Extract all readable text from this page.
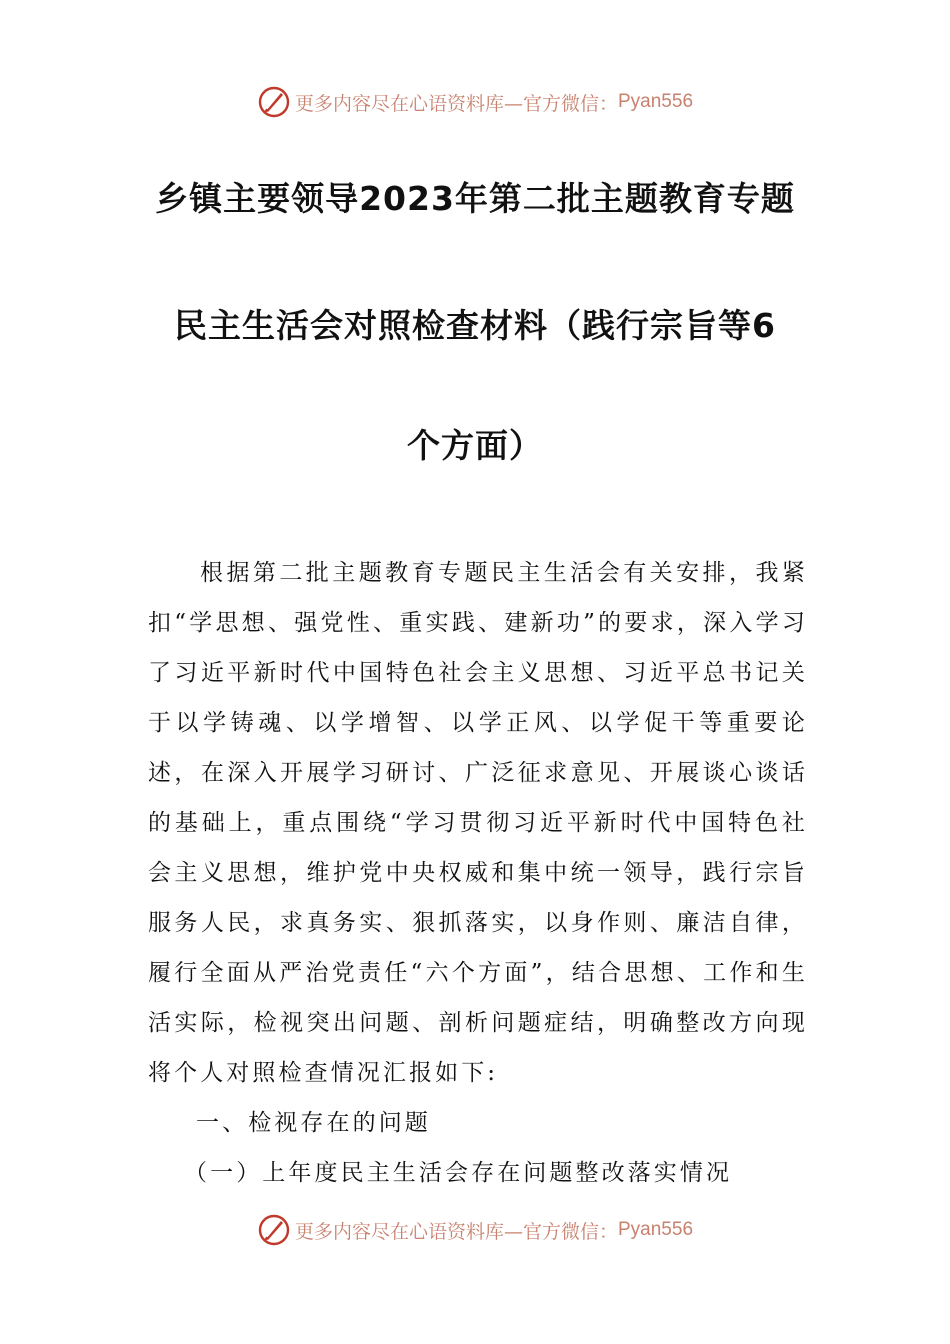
更多内容尽在心语资料库—官方微信： Pyan556
乡镇主要领导2023年第二批主题教育专题
民主生活会对照检查材料（践行宗旨等6
个方面）

根据第二批主题教育专题民主生活会有关安排，我紧扣“学思想、强党性、重实践、建新功”的要求，深入学习了习近平新时代中国特色社会主义思想、习近平总书记关于以学铸魂、以学增智、以学正风、以学促干等重要论述，在深入开展学习研讨、广泛征求意见、开展谈心谈话的基础上，重点围绕“学习贯彻习近平新时代中国特色社会主义思想，维护党中央权威和集中统一领导，践行宗旨服务人民，求真务实、狠抓落实，以身作则、廉洁自律，履行全面从严治党责任“六个方面”，结合思想、工作和生活实际，检视突出问题、剖析问题症结，明确整改方向现将个人对照检查情况汇报如下:

一、检视存在的问题

（一）上年度民主生活会存在问题整改落实情况

更多内容尽在心语资料库—官方微信： Pyan556
